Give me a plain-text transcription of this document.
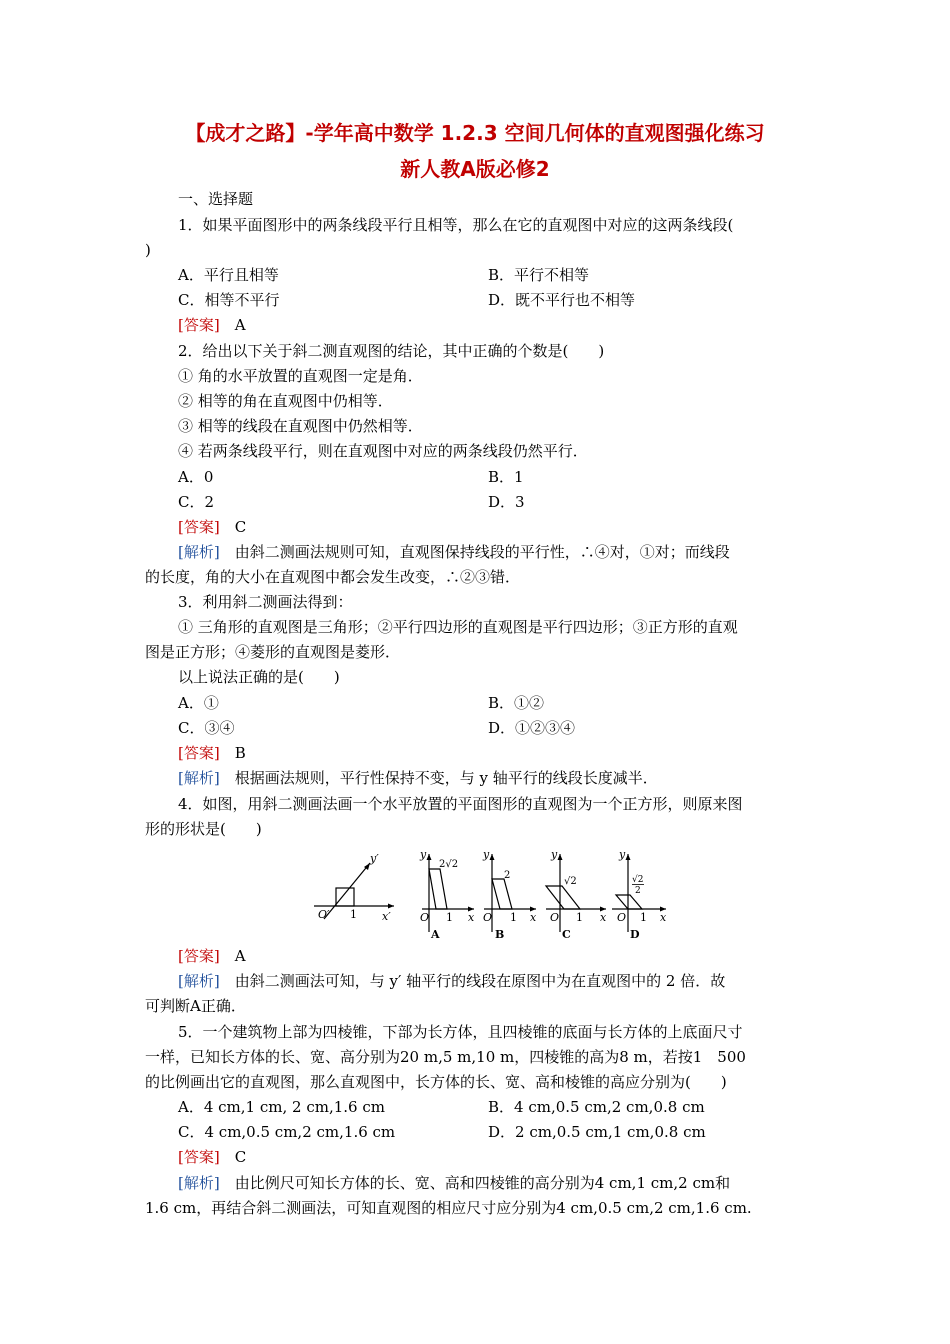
【成才之路】-学年高中数学 1.2.3 空间几何体的直观图强化练习
新人教A版必修2
一、选择题
1．如果平面图形中的两条线段平行且相等，那么在它的直观图中对应的这两条线段(
)
A．平行且相等	B．平行不相等
C．相等不平行	D．既不平行也不相等
[答案]　 A
2．给出以下关于斜二测直观图的结论，其中正确的个数是(　　)
① 角的水平放置的直观图一定是角．
② 相等的角在直观图中仍相等．
③ 相等的线段在直观图中仍然相等．
④ 若两条线段平行，则在直观图中对应的两条线段仍然平行．
A．0	B．1
C．2	D．3
[答案]　 C
[解析]　 由斜二测画法规则可知，直观图保持线段的平行性，∴④对，①对；而线段
的长度，角的大小在直观图中都会发生改变，∴②③错．
3．利用斜二测画法得到：
① 三角形的直观图是三角形；②平行四边形的直观图是平行四边形；③正方形的直观
图是正方形；④菱形的直观图是菱形．
以上说法正确的是(　　)
A．①	B．①②
C．③④	D．①②③④
[答案]　 B
[解析]　 根据画法规则，平行性保持不变，与 y 轴平行的线段长度减半．
4．如图，用斜二测画法画一个水平放置的平面图形的直观图为一个正方形，则原来图
形的形状是(　　)
y′
x′
O′ 1
y
x
O 1
2√2
y
x
O 1
2
y
x
O 1
√2
y
x
O 1
√2
2
A	B	C	D
[答案]　 A
[解析]　 由斜二测画法可知，与 y′ 轴平行的线段在原图中为在直观图中的 2 倍．故
可判断A正确．
5．一个建筑物上部为四棱锥，下部为长方体，且四棱锥的底面与长方体的上底面尺寸
一样，已知长方体的长、宽、高分别为20 m,5 m,10 m，四棱锥的高为8 m，若按1　500
的比例画出它的直观图，那么直观图中，长方体的长、宽、高和棱锥的高应分别为(　　)
A．4 cm,1 cm, 2 cm,1.6 cm	B．4 cm,0.5 cm,2 cm,0.8 cm
C．4 cm,0.5 cm,2 cm,1.6 cm	D．2 cm,0.5 cm,1 cm,0.8 cm
[答案]　 C
[解析]　 由比例尺可知长方体的长、宽、高和四棱锥的高分别为4 cm,1 cm,2 cm和
1.6 cm，再结合斜二测画法，可知直观图的相应尺寸应分别为4 cm,0.5 cm,2 cm,1.6 cm.
